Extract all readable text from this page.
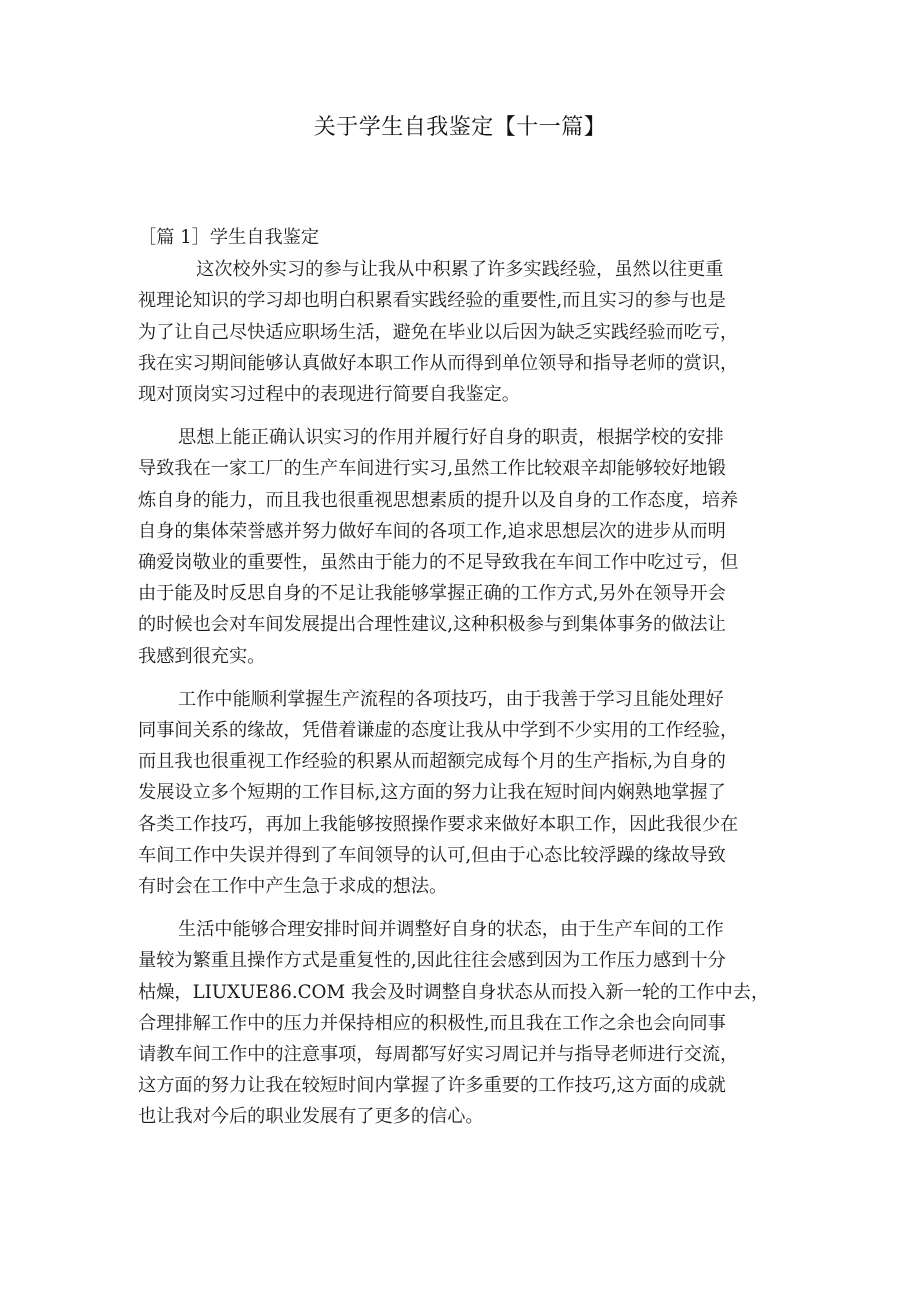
关于学生自我鉴定【十一篇】
［篇 1］学生自我鉴定
这次校外实习的参与让我从中积累了许多实践经验，虽然以往更重
视理论知识的学习却也明白积累看实践经验的重要性,而且实习的参与也是
为了让自己尽快适应职场生活，避免在毕业以后因为缺乏实践经验而吃亏，
我在实习期间能够认真做好本职工作从而得到单位领导和指导老师的赏识，
现对顶岗实习过程中的表现进行简要自我鉴定。
思想上能正确认识实习的作用并履行好自身的职责，根据学校的安排
导致我在一家工厂的生产车间进行实习,虽然工作比较艰辛却能够较好地锻
炼自身的能力，而且我也很重视思想素质的提升以及自身的工作态度，培养
自身的集体荣誉感并努力做好车间的各项工作,追求思想层次的进步从而明
确爱岗敬业的重要性，虽然由于能力的不足导致我在车间工作中吃过亏，但
由于能及时反思自身的不足让我能够掌握正确的工作方式,另外在领导开会
的时候也会对车间发展提出合理性建议,这种积极参与到集体事务的做法让
我感到很充实。
工作中能顺利掌握生产流程的各项技巧，由于我善于学习且能处理好
同事间关系的缘故，凭借着谦虚的态度让我从中学到不少实用的工作经验，
而且我也很重视工作经验的积累从而超额完成每个月的生产指标,为自身的
发展设立多个短期的工作目标,这方面的努力让我在短时间内娴熟地掌握了
各类工作技巧，再加上我能够按照操作要求来做好本职工作，因此我很少在
车间工作中失误并得到了车间领导的认可,但由于心态比较浮躁的缘故导致
有时会在工作中产生急于求成的想法。
生活中能够合理安排时间并调整好自身的状态，由于生产车间的工作
量较为繁重且操作方式是重复性的,因此往往会感到因为工作压力感到十分
枯燥，LIUXUE86.COM 我会及时调整自身状态从而投入新一轮的工作中去，
合理排解工作中的压力并保持相应的积极性,而且我在工作之余也会向同事
请教车间工作中的注意事项，每周都写好实习周记并与指导老师进行交流，
这方面的努力让我在较短时间内掌握了许多重要的工作技巧,这方面的成就
也让我对今后的职业发展有了更多的信心。
